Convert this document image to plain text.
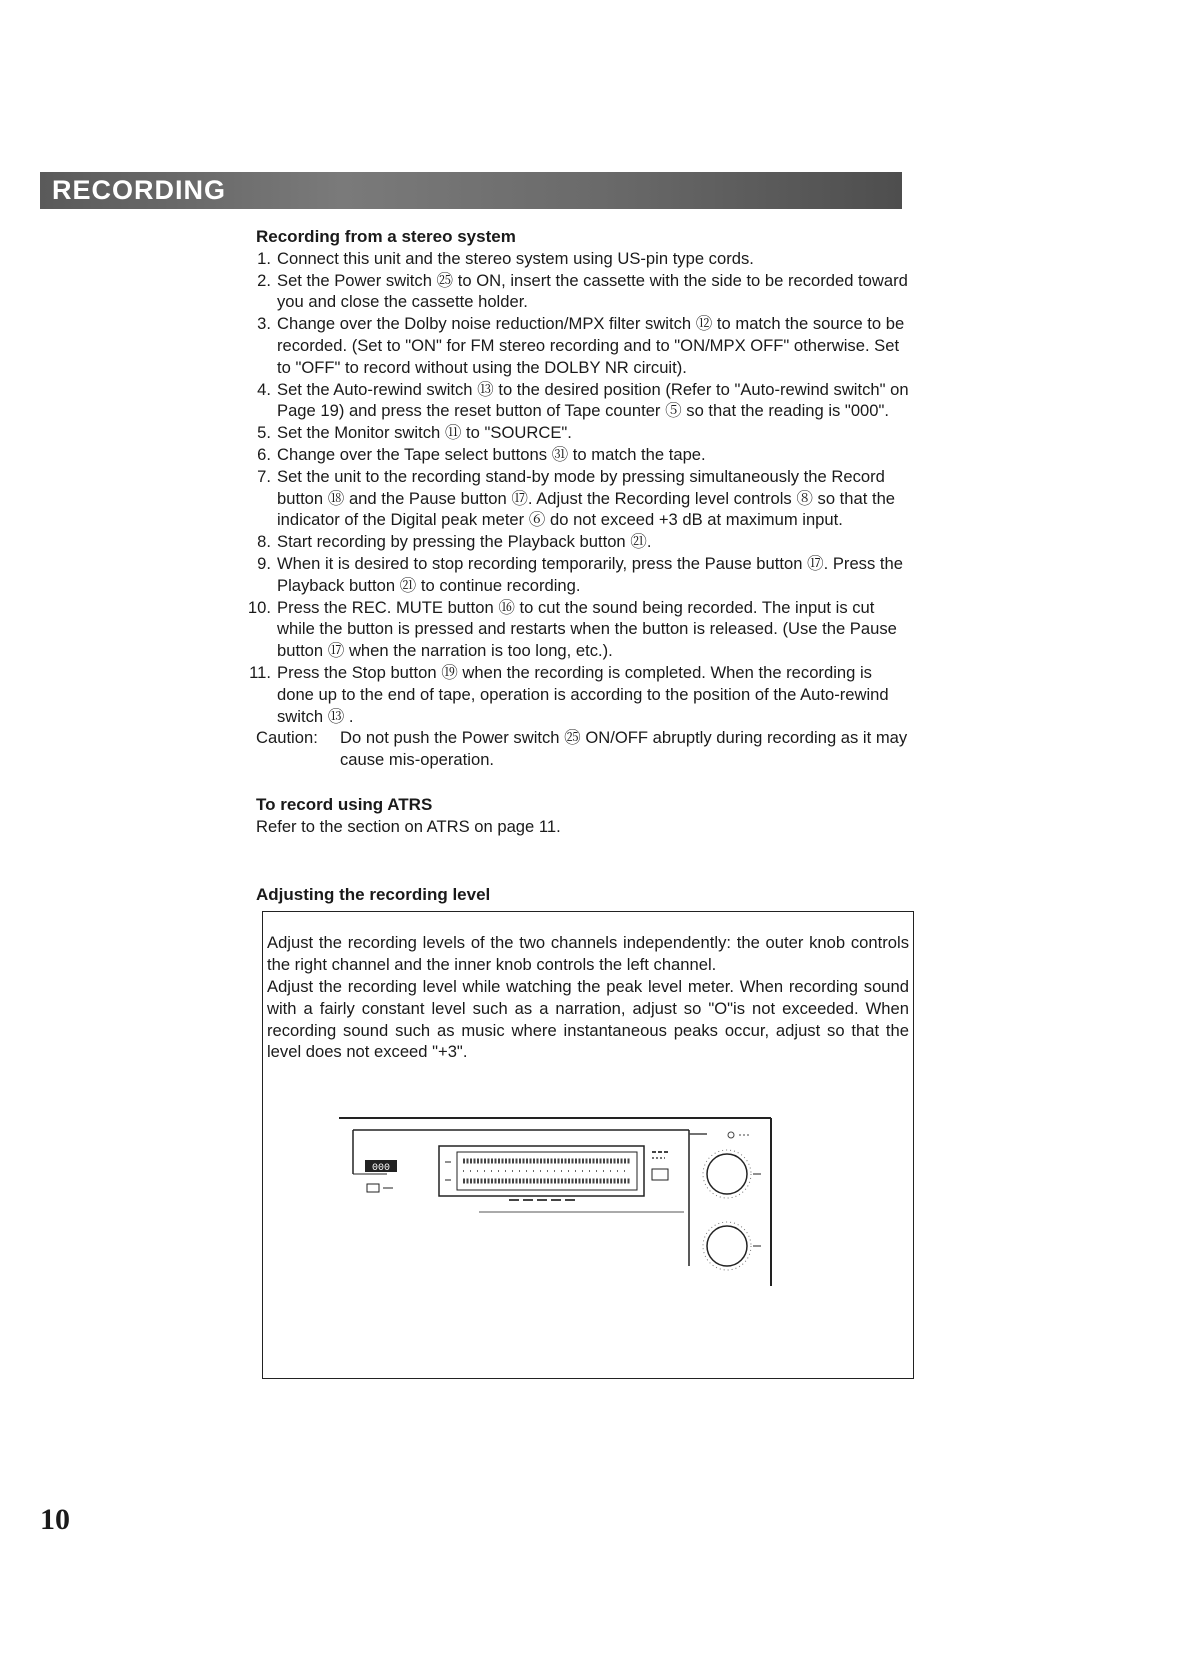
RECORDING

Recording from a stereo system

1. Connect this unit and the stereo system using US-pin type cords.
2. Set the Power switch ㉕ to ON, insert the cassette with the side to be recorded toward you and close the cassette holder.
3. Change over the Dolby noise reduction/MPX filter switch ⑫ to match the source to be recorded. (Set to "ON" for FM stereo recording and to "ON/MPX OFF" otherwise. Set to "OFF" to record without using the DOLBY NR circuit).
4. Set the Auto-rewind switch ⑬ to the desired position (Refer to "Auto-rewind switch" on Page 19) and press the reset button of Tape counter ⑤ so that the reading is "000".
5. Set the Monitor switch ⑪ to "SOURCE".
6. Change over the Tape select buttons ㉛ to match the tape.
7. Set the unit to the recording stand-by mode by pressing simultaneously the Record button ⑱ and the Pause button ⑰. Adjust the Recording level controls ⑧ so that the indicator of the Digital peak meter ⑥ do not exceed +3 dB at maximum input.
8. Start recording by pressing the Playback button ㉑.
9. When it is desired to stop recording temporarily, press the Pause button ⑰. Press the Playback button ㉑ to continue recording.
10. Press the REC. MUTE button ⑯ to cut the sound being recorded. The input is cut while the button is pressed and restarts when the button is released. (Use the Pause button ⑰ when the narration is too long, etc.).
11. Press the Stop button ⑲ when the recording is completed. When the recording is done up to the end of tape, operation is according to the position of the Auto-rewind switch ⑬ .
Caution:	Do not push the Power switch ㉕ ON/OFF abruptly during recording as it may cause mis-operation.

To record using ATRS

Refer to the section on ATRS on page 11.

Adjusting the recording level

Adjust the recording levels of the two channels independently: the outer knob controls the right channel and the inner knob controls the left channel.
Adjust the recording level while watching the peak level meter. When recording sound with a fairly constant level such as a narration, adjust so "O"is not exceeded. When recording sound such as music where instantaneous peaks occur, adjust so that the level does not exceed "+3".
000
10
